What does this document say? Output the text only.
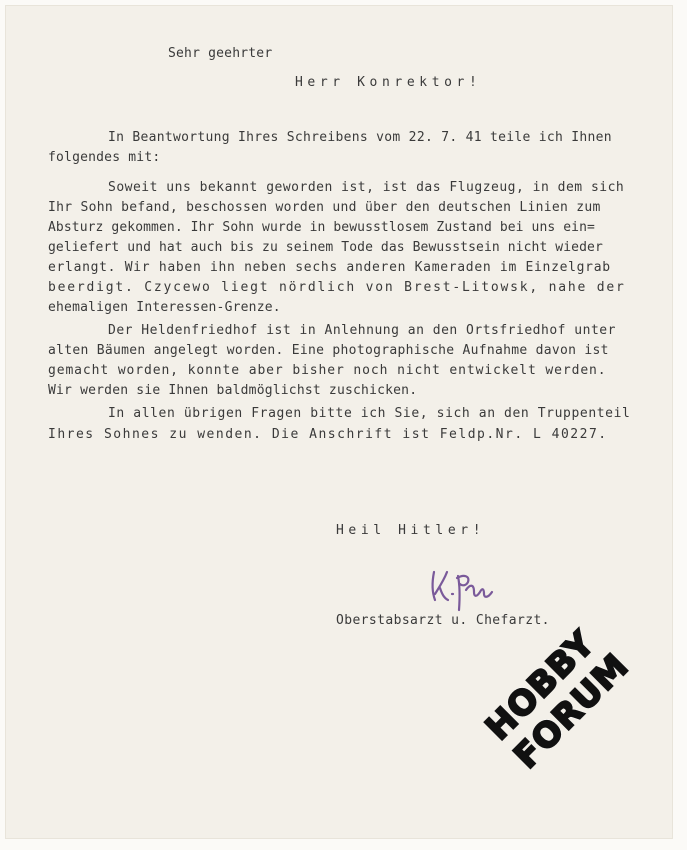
Sehr geehrter
Herr Konrektor!
In Beantwortung Ihres Schreibens vom 22. 7. 41 teile ich Ihnen
folgendes mit:
Soweit uns bekannt geworden ist, ist das Flugzeug, in dem sich
Ihr Sohn befand, beschossen worden und über den deutschen Linien zum
Absturz gekommen. Ihr Sohn wurde in bewusstlosem Zustand bei uns ein=
geliefert und hat auch bis zu seinem Tode das Bewusstsein nicht wieder
erlangt. Wir haben ihn neben sechs anderen Kameraden im Einzelgrab
beerdigt. Czycewo liegt nördlich von Brest-Litowsk, nahe der
ehemaligen Interessen-Grenze.
Der Heldenfriedhof ist in Anlehnung an den Ortsfriedhof unter
alten Bäumen angelegt worden. Eine photographische Aufnahme davon ist
gemacht worden, konnte aber bisher noch nicht entwickelt werden.
Wir werden sie Ihnen baldmöglichst zuschicken.
In allen übrigen Fragen bitte ich Sie, sich an den Truppenteil
Ihres Sohnes zu wenden. Die Anschrift ist Feldp.Nr. L 40227.
Heil Hitler!
Oberstabsarzt u. Chefarzt.
HOBBY FORUM
